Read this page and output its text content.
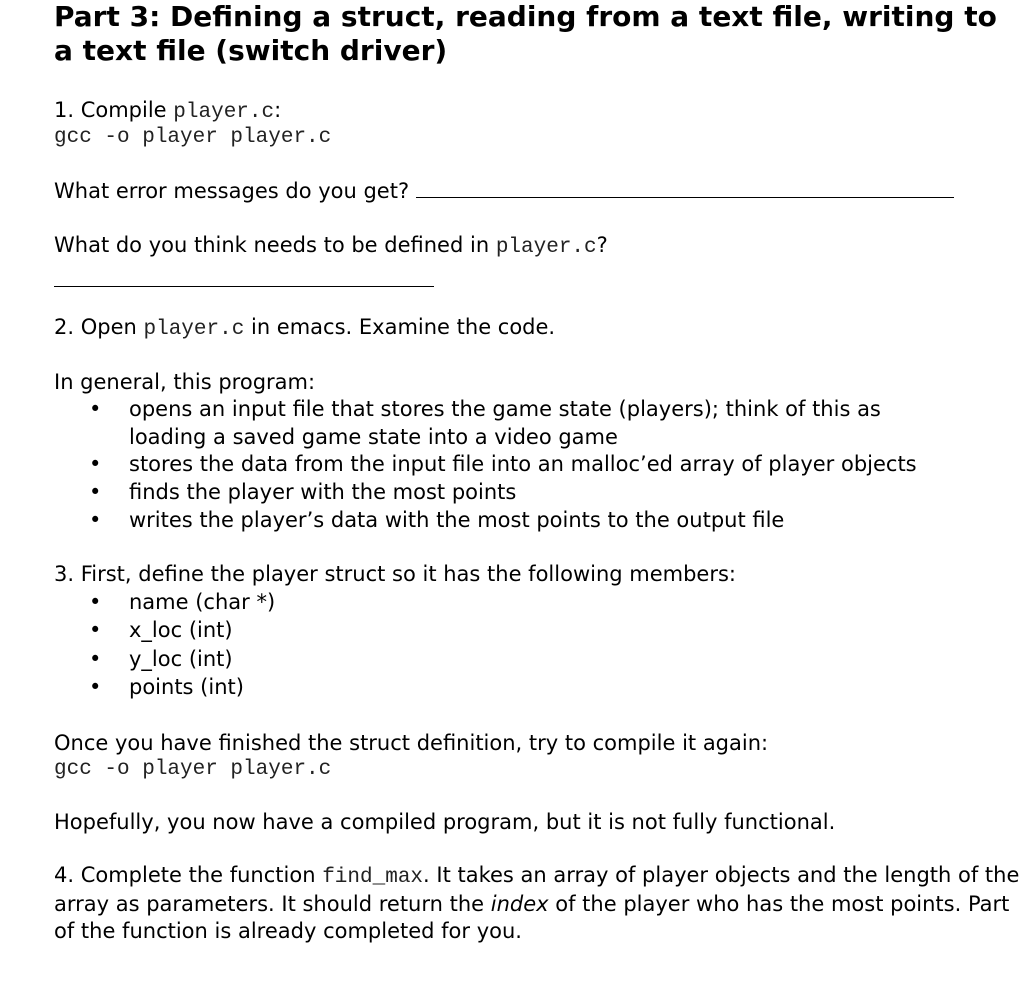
Part 3: Defining a struct, reading from a text file, writing to a text file (switch driver)
1. Compile player.c:
gcc -o player player.c
What error messages do you get?
What do you think needs to be defined in player.c?
2. Open player.c in emacs. Examine the code.
In general, this program:
• opens an input file that stores the game state (players); think of this as
loading a saved game state into a video game
• stores the data from the input file into an malloc’ed array of player objects
• finds the player with the most points
• writes the player’s data with the most points to the output file
3. First, define the player struct so it has the following members:
• name (char *)
• x_loc (int)
• y_loc (int)
• points (int)
Once you have finished the struct definition, try to compile it again:
gcc -o player player.c
Hopefully, you now have a compiled program, but it is not fully functional.
4. Complete the function find_max. It takes an array of player objects and the length of the array as parameters. It should return the index of the player who has the most points. Part of the function is already completed for you.
